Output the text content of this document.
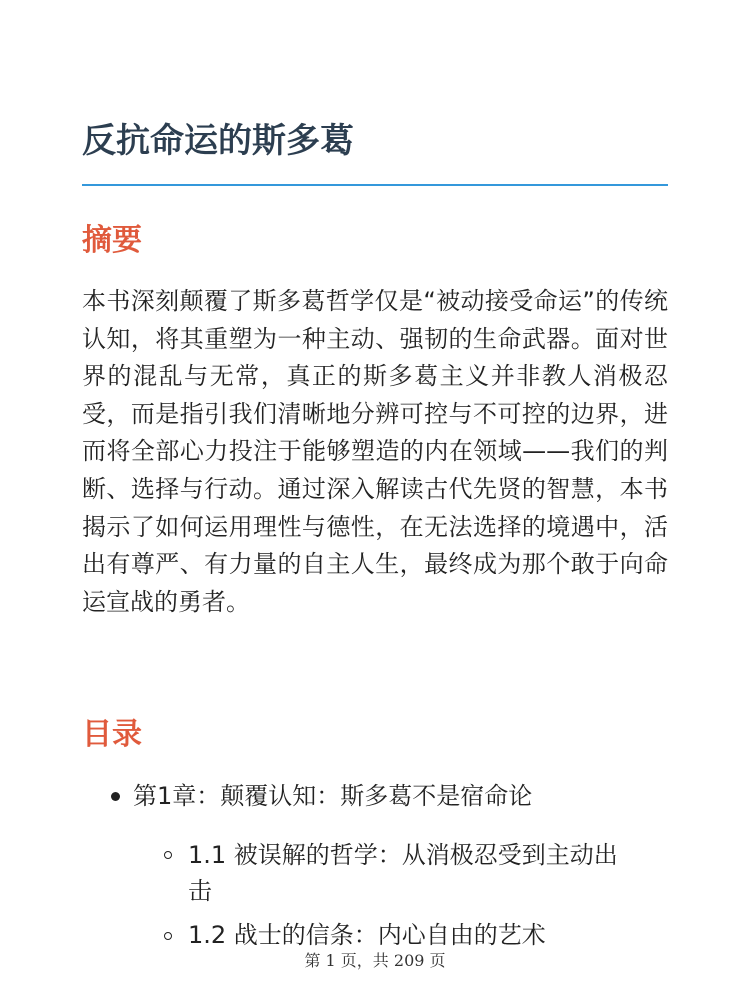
反抗命运的斯多葛
摘要

本书深刻颠覆了斯多葛哲学仅是“被动接受命运”的传统认知，将其重塑为一种主动、强韧的生命武器。面对世界的混乱与无常，真正的斯多葛主义并非教人消极忍受，而是指引我们清晰地分辨可控与不可控的边界，进而将全部心力投注于能够塑造的内在领域——我们的判断、选择与行动。通过深入解读古代先贤的智慧，本书揭示了如何运用理性与德性，在无法选择的境遇中，活出有尊严、有力量的自主人生，最终成为那个敢于向命运宣战的勇者。

目录
第1章：颠覆认知：斯多葛不是宿命论
1.1 被误解的哲学：从消极忍受到主动出
击
1.2 战士的信条：内心自由的艺术
第 1 页，共 209 页
